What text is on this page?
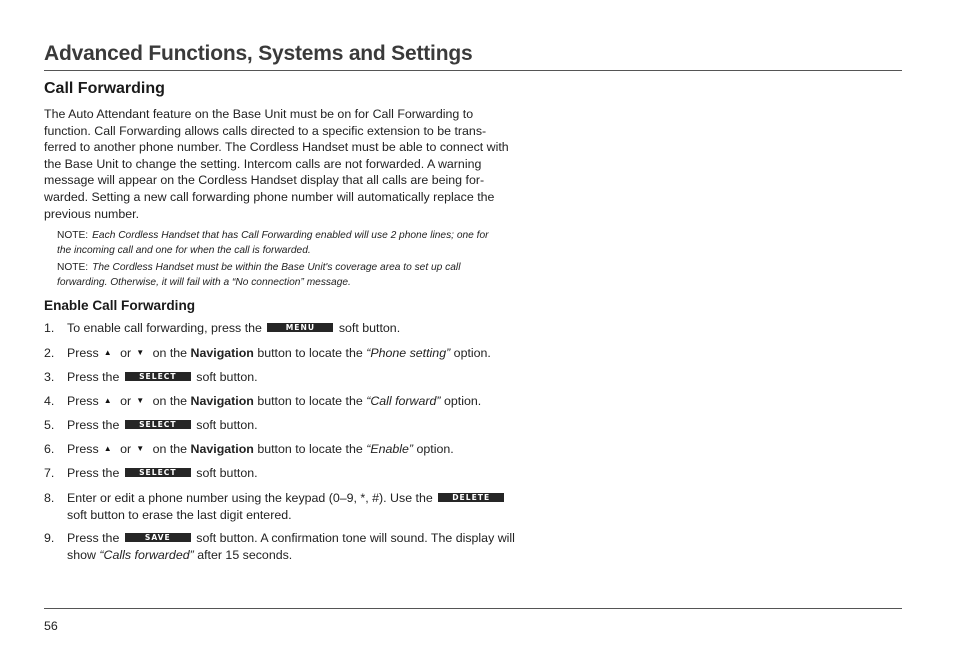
Advanced Functions, Systems and Settings
Call Forwarding

The Auto Attendant feature on the Base Unit must be on for Call Forwarding to
function. Call Forwarding allows calls directed to a specific extension to be trans-
ferred to another phone number. The Cordless Handset must be able to connect with
the Base Unit to change the setting. Intercom calls are not forwarded. A warning
message will appear on the Cordless Handset display that all calls are being for-
warded. Setting a new call forwarding phone number will automatically replace the
previous number.

NOTE: Each Cordless Handset that has Call Forwarding enabled will use 2 phone lines; one for
the incoming call and one for when the call is forwarded.

NOTE: The Cordless Handset must be within the Base Unit's coverage area to set up call
forwarding. Otherwise, it will fail with a “No connection” message.

Enable Call Forwarding
1.	To enable call forwarding, press the	MENU soft button.
2.	Press ▲ or ▼ on the Navigation button to locate the “Phone setting” option.
3.	Press the	SELECT soft button.
4.	Press ▲ or ▼ on the Navigation button to locate the “Call forward” option.
5.	Press the	SELECT soft button.
6.	Press ▲ or ▼ on the Navigation button to locate the “Enable” option.
7.	Press the	SELECT soft button.
8.	Enter or edit a phone number using the keypad (0–9, *, #). Use the	DELETE
soft button to erase the last digit entered.
9.	Press the	SAVE soft button. A confirmation tone will sound. The display will
show “Calls forwarded” after 15 seconds.
56
